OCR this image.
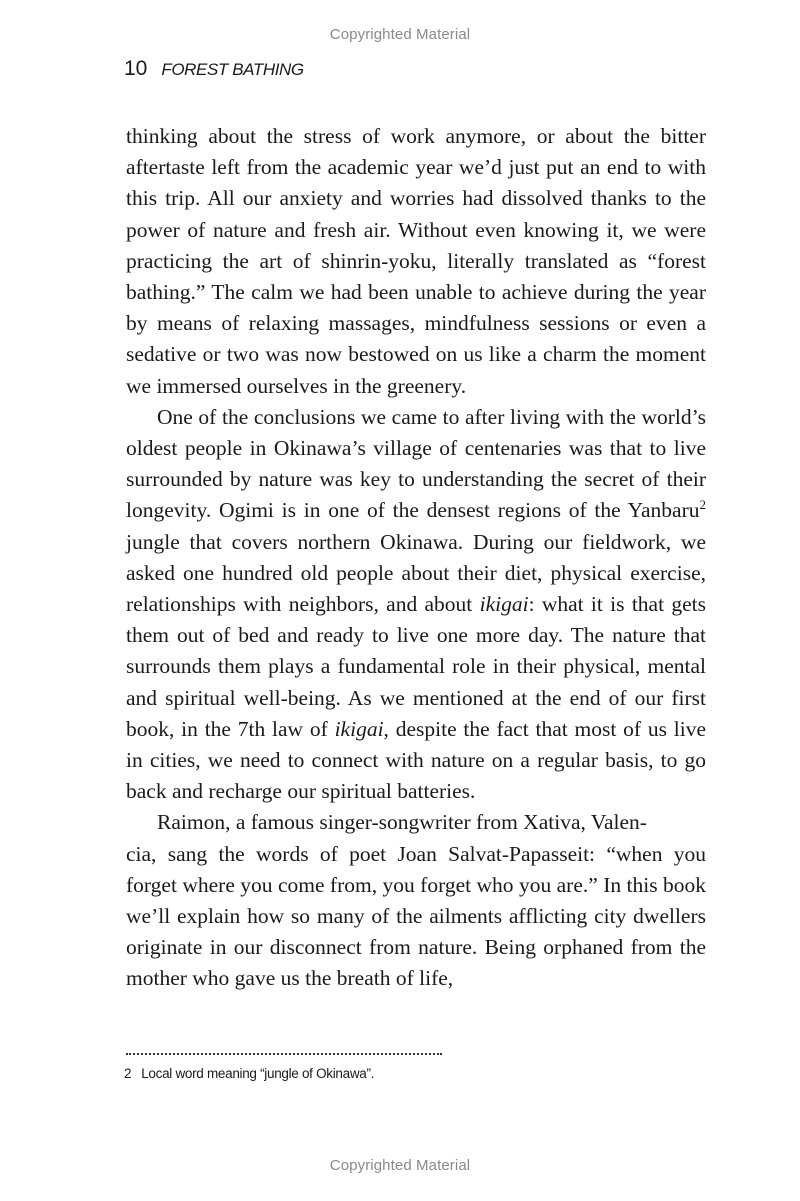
Copyrighted Material
10 FOREST BATHING

thinking about the stress of work anymore, or about the bitter aftertaste left from the academic year we’d just put an end to with this trip. All our anxiety and worries had dissolved thanks to the power of nature and fresh air. Without even knowing it, we were practicing the art of shinrin-yoku, literally translated as “forest bathing.” The calm we had been unable to achieve during the year by means of relaxing massages, mindfulness sessions or even a sedative or two was now bestowed on us like a charm the moment we immersed ourselves in the greenery.

One of the conclusions we came to after living with the world’s oldest people in Okinawa’s village of centenaries was that to live surrounded by nature was key to understanding the secret of their longevity. Ogimi is in one of the densest regions of the Yanbaru$^2$ jungle that covers northern Okinawa. During our fieldwork, we asked one hundred old people about their diet, physical exercise, relationships with neighbors, and about ikigai: what it is that gets them out of bed and ready to live one more day. The nature that surrounds them plays a fundamental role in their physical, mental and spiritual well-being. As we mentioned at the end of our first book, in the 7th law of ikigai, despite the fact that most of us live in cities, we need to connect with nature on a regular basis, to go back and recharge our spiritual batteries.

Raimon, a famous singer-songwriter from Xativa, Valen-
cia, sang the words of poet Joan Salvat-Papasseit: “when you forget where you come from, you forget who you are.” In this book we’ll explain how so many of the ailments afflicting city dwellers originate in our disconnect from nature. Being orphaned from the mother who gave us the breath of life,

2 Local word meaning “jungle of Okinawa”.
Copyrighted Material
